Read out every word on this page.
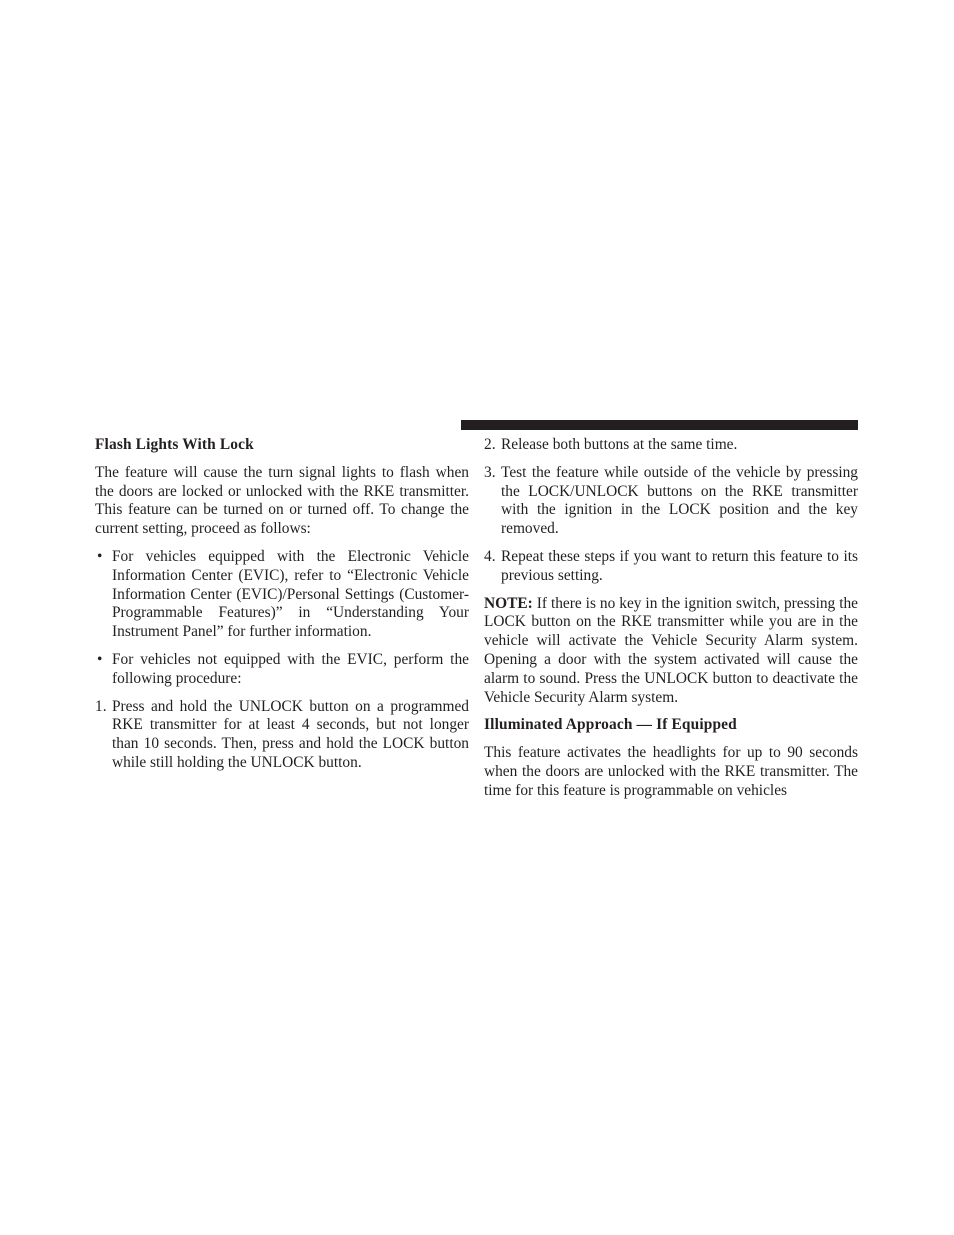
Flash Lights With Lock

The feature will cause the turn signal lights to flash when the doors are locked or unlocked with the RKE transmitter. This feature can be turned on or turned off. To change the current setting, proceed as follows:

• For vehicles equipped with the Electronic Vehicle Information Center (EVIC), refer to “Electronic Vehicle Information Center (EVIC)/Personal Settings (Customer-Programmable Features)” in “Understanding Your Instrument Panel” for further information.
• For vehicles not equipped with the EVIC, perform the following procedure:
1. Press and hold the UNLOCK button on a programmed RKE transmitter for at least 4 seconds, but not longer than 10 seconds. Then, press and hold the LOCK button while still holding the UNLOCK button.
2. Release both buttons at the same time.
3. Test the feature while outside of the vehicle by pressing the LOCK/UNLOCK buttons on the RKE transmitter with the ignition in the LOCK position and the key removed.
4. Repeat these steps if you want to return this feature to its previous setting.

NOTE: If there is no key in the ignition switch, pressing the LOCK button on the RKE transmitter while you are in the vehicle will activate the Vehicle Security Alarm system. Opening a door with the system activated will cause the alarm to sound. Press the UNLOCK button to deactivate the Vehicle Security Alarm system.

Illuminated Approach — If Equipped

This feature activates the headlights for up to 90 seconds when the doors are unlocked with the RKE transmitter. The time for this feature is programmable on vehicles
